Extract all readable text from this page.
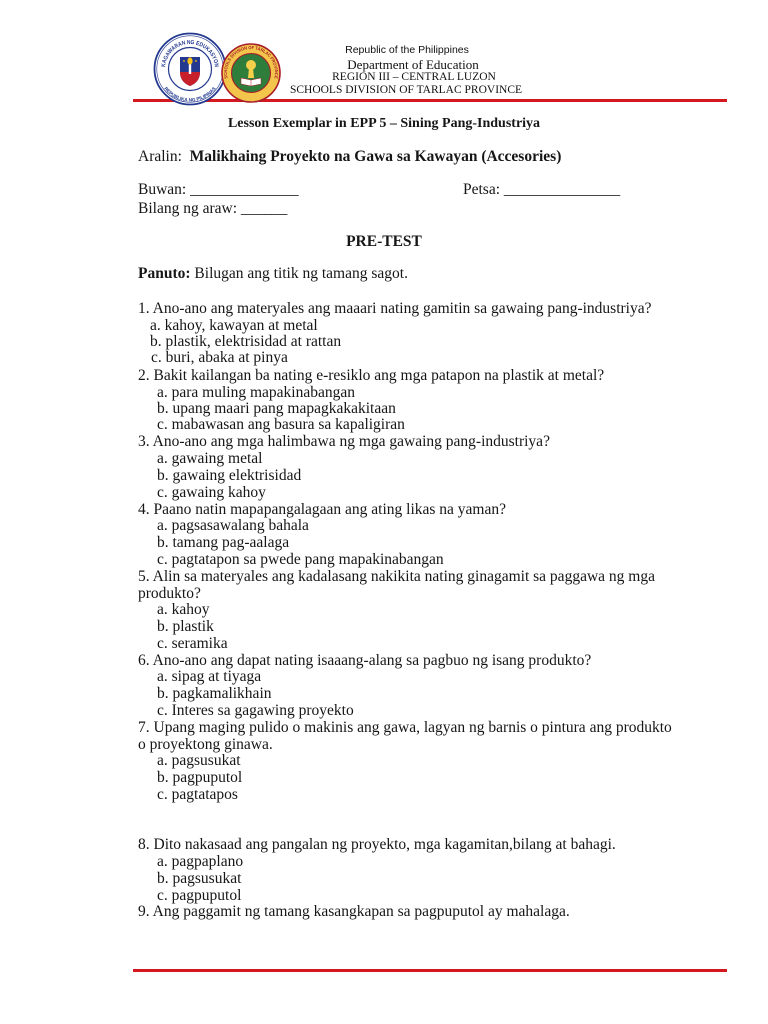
KAGAWARAN NG EDUKASYON
REPUBLIKA NG PILIPINAS
SCHOOLS DIVISION OF TARLAC PROVINCE
Republic of the Philippines
Department of Education
REGION III – CENTRAL LUZON
SCHOOLS DIVISION OF TARLAC PROVINCE
Lesson Exemplar in EPP 5 – Sining Pang-Industriya
Aralin: Malikhaing Proyekto na Gawa sa Kawayan (Accesories)
Buwan: ______________	Petsa: _______________
Bilang ng araw: ______
PRE-TEST
Panuto: Bilugan ang titik ng tamang sagot.
1. Ano-ano ang materyales ang maaari nating gamitin sa gawaing pang-industriya?
a. kahoy, kawayan at metal
b. plastik, elektrisidad at rattan
c. buri, abaka at pinya
2. Bakit kailangan ba nating e-resiklo ang mga patapon na plastik at metal?
a. para muling mapakinabangan
b. upang maari pang mapagkakakitaan
c. mabawasan ang basura sa kapaligiran
3. Ano-ano ang mga halimbawa ng mga gawaing pang-industriya?
a. gawaing metal
b. gawaing elektrisidad
c. gawaing kahoy
4. Paano natin mapapangalagaan ang ating likas na yaman?
a. pagsasawalang bahala
b. tamang pag-aalaga
c. pagtatapon sa pwede pang mapakinabangan
5. Alin sa materyales ang kadalasang nakikita nating ginagamit sa paggawa ng mga
produkto?
a. kahoy
b. plastik
c. seramika
6. Ano-ano ang dapat nating isaaang-alang sa pagbuo ng isang produkto?
a. sipag at tiyaga
b. pagkamalikhain
c. Interes sa gagawing proyekto
7. Upang maging pulido o makinis ang gawa, lagyan ng barnis o pintura ang produkto
o proyektong ginawa.
a. pagsusukat
b. pagpuputol
c. pagtatapos
8. Dito nakasaad ang pangalan ng proyekto, mga kagamitan,bilang at bahagi.
a. pagpaplano
b. pagsusukat
c. pagpuputol
9. Ang paggamit ng tamang kasangkapan sa pagpuputol ay mahalaga.
